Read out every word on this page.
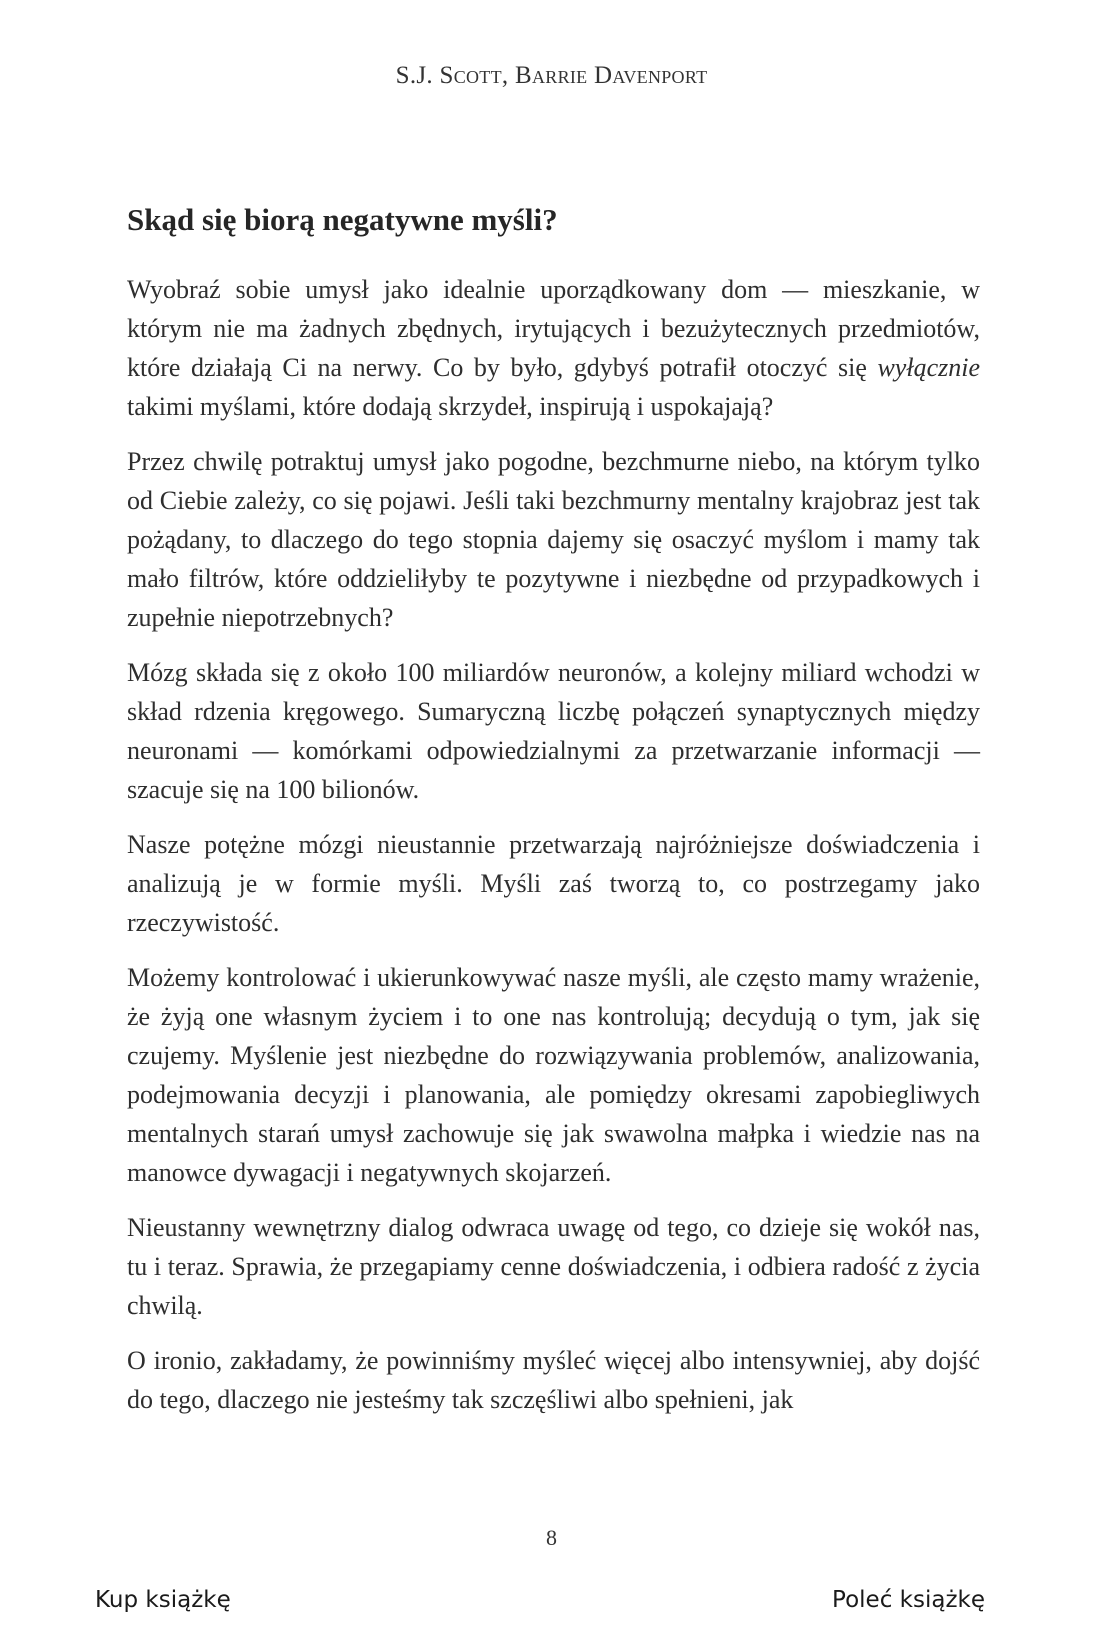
S.J. Scott, Barrie Davenport
Skąd się biorą negatywne myśli?

Wyobraź sobie umysł jako idealnie uporządkowany dom — mieszkanie, w którym nie ma żadnych zbędnych, irytujących i bezużytecznych przedmiotów, które działają Ci na nerwy. Co by było, gdybyś potrafił otoczyć się wyłącznie takimi myślami, które dodają skrzydeł, inspirują i uspokajają?

Przez chwilę potraktuj umysł jako pogodne, bezchmurne niebo, na którym tylko od Ciebie zależy, co się pojawi. Jeśli taki bezchmurny mentalny krajobraz jest tak pożądany, to dlaczego do tego stopnia dajemy się osaczyć myślom i mamy tak mało filtrów, które oddzieliłyby te pozytywne i niezbędne od przypadkowych i zupełnie niepotrzebnych?

Mózg składa się z około 100 miliardów neuronów, a kolejny miliard wchodzi w skład rdzenia kręgowego. Sumaryczną liczbę połączeń synaptycznych między neuronami — komórkami odpowiedzialnymi za przetwarzanie informacji — szacuje się na 100 bilionów.

Nasze potężne mózgi nieustannie przetwarzają najróżniejsze doświadczenia i analizują je w formie myśli. Myśli zaś tworzą to, co postrzegamy jako rzeczywistość.

Możemy kontrolować i ukierunkowywać nasze myśli, ale często mamy wrażenie, że żyją one własnym życiem i to one nas kontrolują; decydują o tym, jak się czujemy. Myślenie jest niezbędne do rozwiązywania problemów, analizowania, podejmowania decyzji i planowania, ale pomiędzy okresami zapobiegliwych mentalnych starań umysł zachowuje się jak swawolna małpka i wiedzie nas na manowce dywagacji i negatywnych skojarzeń.

Nieustanny wewnętrzny dialog odwraca uwagę od tego, co dzieje się wokół nas, tu i teraz. Sprawia, że przegapiamy cenne doświadczenia, i odbiera radość z życia chwilą.

O ironio, zakładamy, że powinniśmy myśleć więcej albo intensywniej, aby dojść do tego, dlaczego nie jesteśmy tak szczęśliwi albo spełnieni, jak

8
Kup książkę	Poleć książkę
